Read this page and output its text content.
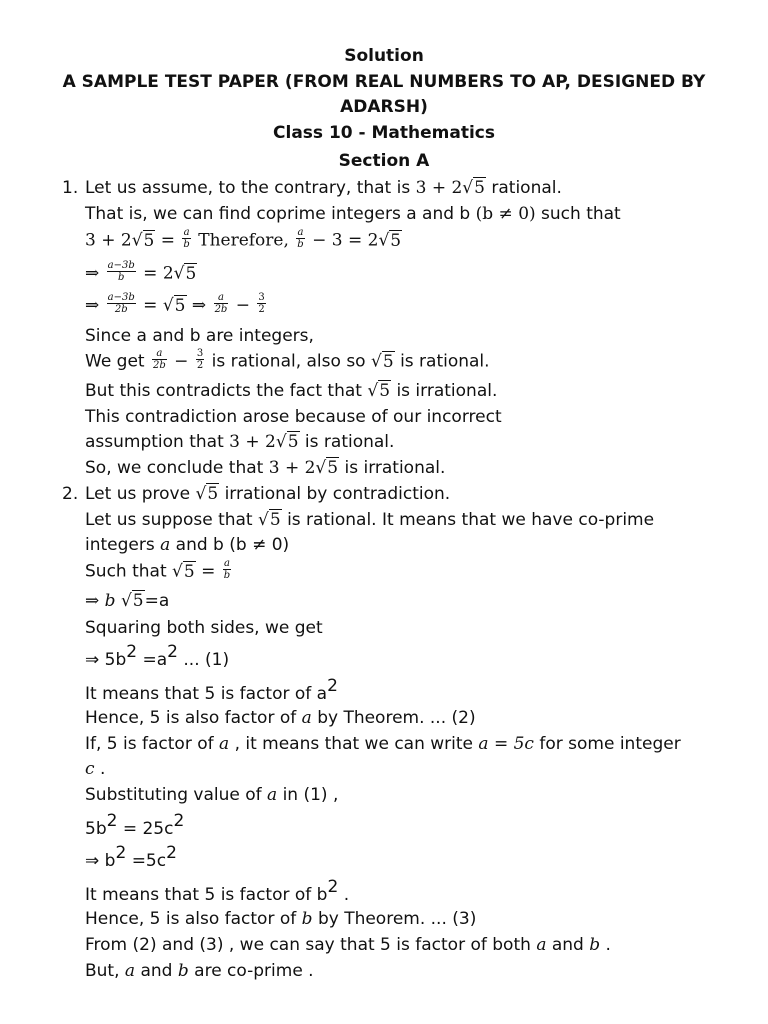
Solution
A SAMPLE TEST PAPER (FROM REAL NUMBERS TO AP, DESIGNED BY
ADARSH)
Class 10 - Mathematics
Section A
1. Let us assume, to the contrary, that is 3 + 2√5 rational.
That is, we can find coprime integers a and b (b ≠ 0) such that
$3 + 2√5 = \frac{a}{b}$ Therefore, $\frac{a}{b} - 3 = 2√5$
⇒ $\frac{a-3b}{b} = 2√5$
⇒ $\frac{a-3b}{2b} = √5$ ⇒ $\frac{a}{2b} - \frac{3}{2}$
Since a and b are integers,
We get $\frac{a}{2b} - \frac{3}{2}$ is rational, also so √5 is rational.
But this contradicts the fact that √5 is irrational.
This contradiction arose because of our incorrect
assumption that 3 + 2√5 is rational.
So, we conclude that 3 + 2√5 is irrational.
2. Let us prove √5 irrational by contradiction.
Let us suppose that √5 is rational. It means that we have co-prime
integers a and b (b ≠ 0)
Such that $√5 = \frac{a}{b}$
⇒ b √5=a
Squaring both sides, we get
⇒ 5b2 =a2 ... (1)
It means that 5 is factor of a2
Hence, 5 is also factor of a by Theorem. ... (2)
If, 5 is factor of a , it means that we can write a = 5c for some integer
c .
Substituting value of a in (1) ,
5b2 = 25c2
⇒ b2 =5c2
It means that 5 is factor of b2 .
Hence, 5 is also factor of b by Theorem. ... (3)
From (2) and (3) , we can say that 5 is factor of both a and b .
But, a and b are co-prime .
